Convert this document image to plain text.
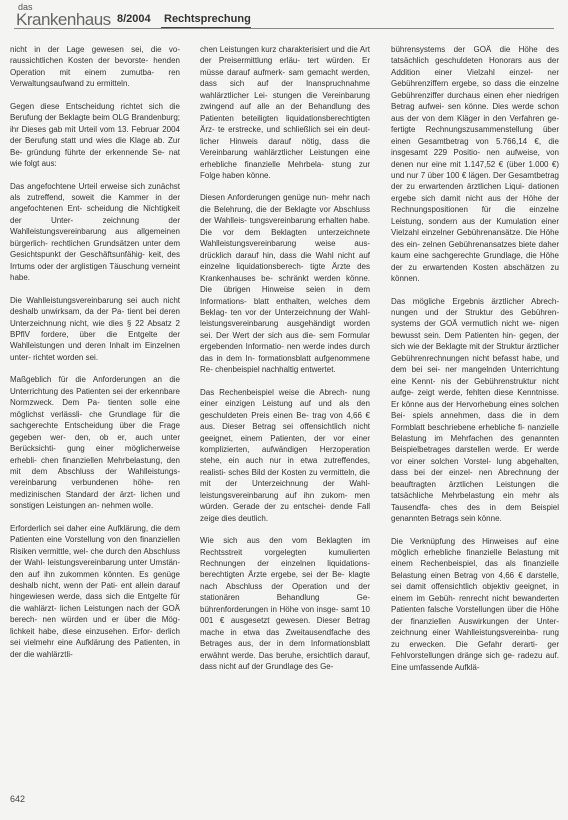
das
Krankenhaus 8/2004 Rechtsprechung

nicht in der Lage gewesen sei, die vo- raussichtlichen Kosten der bevorste- henden Operation mit einem zumutba- ren Verwaltungsaufwand zu ermitteln.

Gegen diese Entscheidung richtet sich die Berufung der Beklagte beim OLG Brandenburg; ihr Dieses gab mit Urteil vom 13. Februar 2004 der Berufung statt und wies die Klage ab. Zur Be- gründung führte der erkennende Se- nat wie folgt aus:

Das angefochtene Urteil erweise sich zunächst als zutreffend, soweit die Kammer in der angefochtenen Ent- scheidung die Nichtigkeit der Unter- zeichnung der Wahlleistungsvereinbarung aus allgemeinen bürgerlich- rechtlichen Grundsätzen unter dem Gesichtspunkt der Geschäftsunfähig- keit, des Irrtums oder der arglistigen Täuschung verneint habe.

Die Wahlleistungsvereinbarung sei auch nicht deshalb unwirksam, da der Pa- tient bei deren Unterzeichnung nicht, wie dies § 22 Absatz 2 BPflV fordere, über die Entgelte der Wahlleistungen und deren Inhalt im Einzelnen unter- richtet worden sei.

Maßgeblich für die Anforderungen an die Unterrichtung des Patienten sei der erkennbare Normzweck. Dem Pa- tienten solle eine möglichst verlässli- che Grundlage für die sachgerechte Entscheidung über die Frage gegeben wer- den, ob er, auch unter Berücksichti- gung einer möglicherweise erhebli- chen finanziellen Mehrbelastung, den mit dem Abschluss der Wahlleistungs- vereinbarung verbundenen höhe- ren medizinischen Standard der ärzt- lichen und sonstigen Leistungen an- nehmen wolle.

Erforderlich sei daher eine Aufklärung, die dem Patienten eine Vorstellung von den finanziellen Risiken vermittle, wel- che durch den Abschluss der Wahl- leistungsvereinbarung unter Umstän- den auf ihn zukommen könnten. Es genüge deshalb nicht, wenn der Pati- ent allein darauf hingewiesen werde, dass sich die Entgelte für die wahlärzt- lichen Leistungen nach der GOÄ berech- nen würden und er über die Mög- lichkeit habe, diese einzusehen. Erfor- derlich sei vielmehr eine Aufklärung des Patienten, in der die wahlärztli-

chen Leistungen kurz charakterisiert und die Art der Preisermittlung erläu- tert würden. Er müsse darauf aufmerk- sam gemacht werden, dass sich auf der Inanspruchnahme wahlärztlicher Lei- stungen die Vereinbarung zwingend auf alle an der Behandlung des Patienten beteiligten liquidationsberechtigten Ärz- te erstrecke, und schließlich sei ein deut- licher Hinweis darauf nötig, dass die Vereinbarung wahlärztlicher Leistungen eine erhebliche finanzielle Mehrbela- stung zur Folge haben könne.

Diesen Anforderungen genüge nun- mehr nach die Belehrung, die der Beklagte vor Abschluss der Wahlleis- tungsvereinbarung erhalten habe. Die vor dem Beklagten unterzeichnete Wahlleistungsvereinbarung weise aus- drücklich darauf hin, dass die Wahl nicht auf einzelne liquidationsberech- tigte Ärzte des Krankenhauses be- schränkt werden könne. Die übrigen Hinweise seien in dem Informations- blatt enthalten, welches dem Beklag- ten vor der Unterzeichnung der Wahl- leistungsvereinbarung ausgehändigt worden sei. Der Wert der sich aus die- sem Formular ergebenden Informatio- nen werde indes durch das in dem In- formationsblatt aufgenommene Re- chenbeispiel nachhaltig entwertet.

Das Rechenbeispiel weise die Abrech- nung einer einzigen Leistung auf und als den geschuldeten Preis einen Be- trag von 4,66 € aus. Dieser Betrag sei offensichtlich nicht geeignet, einem Patienten, der vor einer komplizierten, aufwändigen Herzoperation stehe, ein auch nur in etwa zutreffendes, realisti- sches Bild der Kosten zu vermitteln, die mit der Unterzeichnung der Wahl- leistungsvereinbarung auf ihn zukom- men würden. Gerade der zu entschei- dende Fall zeige dies deutlich.

Wie sich aus den vom Beklagten im Rechtsstreit vorgelegten kumulierten Rechnungen der einzelnen liquidations- berechtigten Ärzte ergebe, sei der Be- klagte nach Abschluss der Operation und der stationären Behandlung Ge- bührenforderungen in Höhe von insge- samt 10 001 € ausgesetzt gewesen. Dieser Betrag mache in etwa das Zweitausendfache des Betrages aus, der in dem Informationsblatt erwähnt werde. Das beruhe, ersichtlich darauf, dass nicht auf der Grundlage des Ge-

bührensystems der GOÄ die Höhe des tatsächlich geschuldeten Honorars aus der Addition einer Vielzahl einzel- ner Gebührenziffern ergebe, so dass die einzelne Gebührenziffer durchaus einen eher niedrigen Betrag aufwei- sen könne. Dies werde schon aus der von dem Kläger in den Verfahren ge- fertigte Rechnungszusammenstellung über einen Gesamtbetrag von 5.766,14 €, die insgesamt 229 Positio- nen aufweise, von denen nur eine mit 1.147,52 € (über 1.000 €) und nur 7 über 100 € lägen. Der Gesamtbetrag der zu erwartenden ärztlichen Liqui- dationen ergebe sich damit nicht aus der Höhe der Rechnungspositionen für die einzelne Leistung, sondern aus der Kumulation einer Vielzahl einzelner Gebührenansätze. Die Höhe des ein- zelnen Gebührenansatzes biete daher kaum eine sachgerechte Grundlage, die Höhe der zu erwartenden Kosten abschätzen zu können.

Das mögliche Ergebnis ärztlicher Abrech- nungen und der Struktur des Gebühren- systems der GOÄ vermutlich nicht we- nigen bewusst sein. Dem Patienten hin- gegen, der sich wie der Beklagte mit der Struktur ärztlicher Gebührenrechnungen nicht befasst habe, und dem bei sei- ner mangelnden Unterrichtung eine Kennt- nis der Gebührenstruktur nicht aufge- zeigt werde, fehlten diese Kenntnisse. Er könne aus der Hervorhebung eines solchen Bei- spiels annehmen, dass die in dem Formblatt beschriebene erhebliche fi- nanzielle Belastung im Mehrfachen des genannten Beispielbetrages darstellen werde. Er werde vor einer solchen Vorstel- lung abgehalten, dass bei der einzel- nen Abrechnung der beauftragten ärztlichen Leistungen die tatsächliche Mehrbelastung ein mehr als Tausendfa- ches des in dem Beispiel genannten Betrags sein könne.

Die Verknüpfung des Hinweises auf eine möglich erhebliche finanzielle Belastung mit einem Rechenbeispiel, das als finanzielle Belastung einen Betrag von 4,66 € darstelle, sei damit offensichtlich objektiv geeignet, in einem im Gebüh- renrecht nicht bewanderten Patienten falsche Vorstellungen über die Höhe der finanziellen Auswirkungen der Unter- zeichnung einer Wahlleistungsvereinba- rung zu erwecken. Die Gefahr derarti- ger Fehlvorstellungen dränge sich ge- radezu auf. Eine umfassende Aufklä-

642
